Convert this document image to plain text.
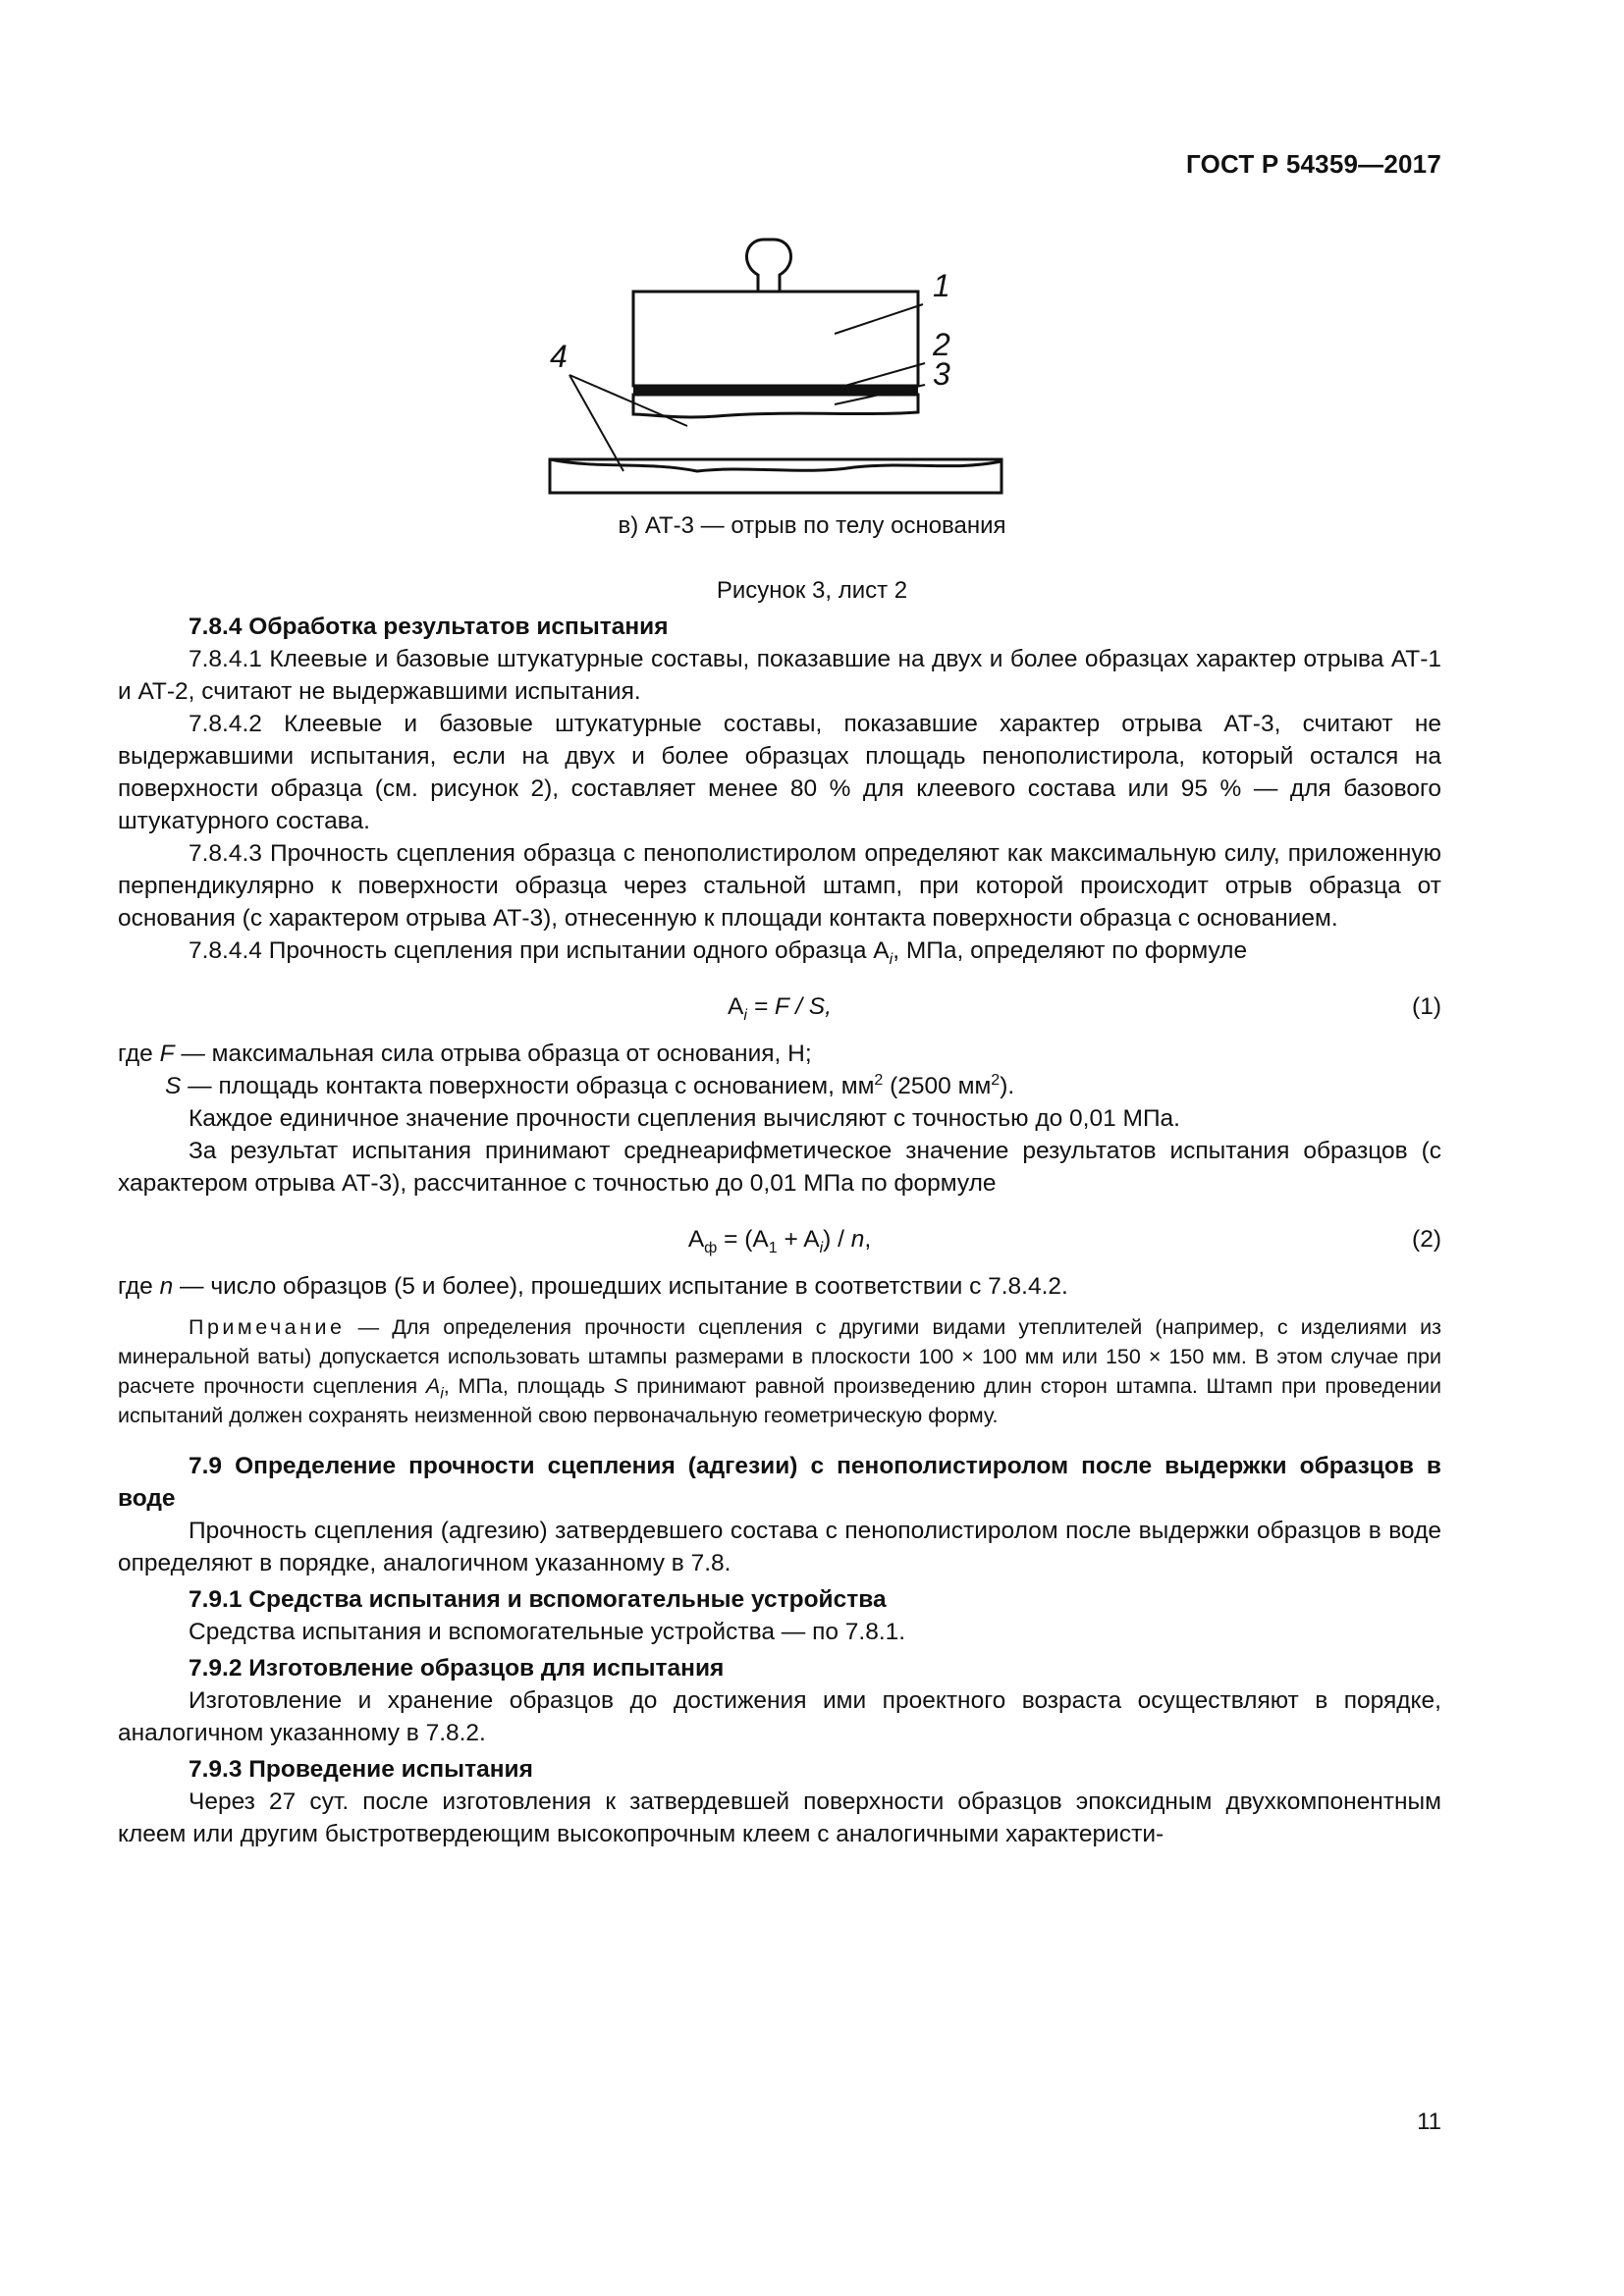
ГОСТ Р 54359—2017
1
2
3
4
в) АТ-3 — отрыв по телу основания
Рисунок 3, лист 2

7.8.4 Обработка результатов испытания

7.8.4.1 Клеевые и базовые штукатурные составы, показавшие на двух и более образцах характер отрыва АТ-1 и АТ-2, считают не выдержавшими испытания.

7.8.4.2 Клеевые и базовые штукатурные составы, показавшие характер отрыва АТ-3, считают не выдержавшими испытания, если на двух и более образцах площадь пенополистирола, который остался на поверхности образца (см. рисунок 2), составляет менее 80 % для клеевого состава или 95 % — для базового штукатурного состава.

7.8.4.3 Прочность сцепления образца с пенополистиролом определяют как максимальную силу, приложенную перпендикулярно к поверхности образца через стальной штамп, при которой происходит отрыв образца от основания (с характером отрыва АТ-3), отнесенную к площади контакта поверхности образца с основанием.

7.8.4.4 Прочность сцепления при испытании одного образца $A_i$, МПа, определяют по формуле

$A_i = F / S$,	(1)

где F — максимальная сила отрыва образца от основания, Н;

S — площадь контакта поверхности образца с основанием, $мм^2$ (2500 $мм^2$).

Каждое единичное значение прочности сцепления вычисляют с точностью до 0,01 МПа.

За результат испытания принимают среднеарифметическое значение результатов испытания образцов (с характером отрыва АТ-3), рассчитанное с точностью до 0,01 МПа по формуле

$A_ф = (A_1 + A_i) / n$,	(2)

где n — число образцов (5 и более), прошедших испытание в соответствии с 7.8.4.2.

Примечание — Для определения прочности сцепления с другими видами утеплителей (например, с изделиями из минеральной ваты) допускается использовать штампы размерами в плоскости 100 × 100 мм или 150 × 150 мм. В этом случае при расчете прочности сцепления $A_i$, МПа, площадь S принимают равной произведению длин сторон штампа. Штамп при проведении испытаний должен сохранять неизменной свою первоначальную геометрическую форму.

7.9 Определение прочности сцепления (адгезии) с пенополистиролом после выдержки образцов в воде

Прочность сцепления (адгезию) затвердевшего состава с пенополистиролом после выдержки образцов в воде определяют в порядке, аналогичном указанному в 7.8.

7.9.1 Средства испытания и вспомогательные устройства

Средства испытания и вспомогательные устройства — по 7.8.1.

7.9.2 Изготовление образцов для испытания

Изготовление и хранение образцов до достижения ими проектного возраста осуществляют в порядке, аналогичном указанному в 7.8.2.

7.9.3 Проведение испытания

Через 27 сут. после изготовления к затвердевшей поверхности образцов эпоксидным двухкомпонентным клеем или другим быстротвердеющим высокопрочным клеем с аналогичными характеристи-

11
